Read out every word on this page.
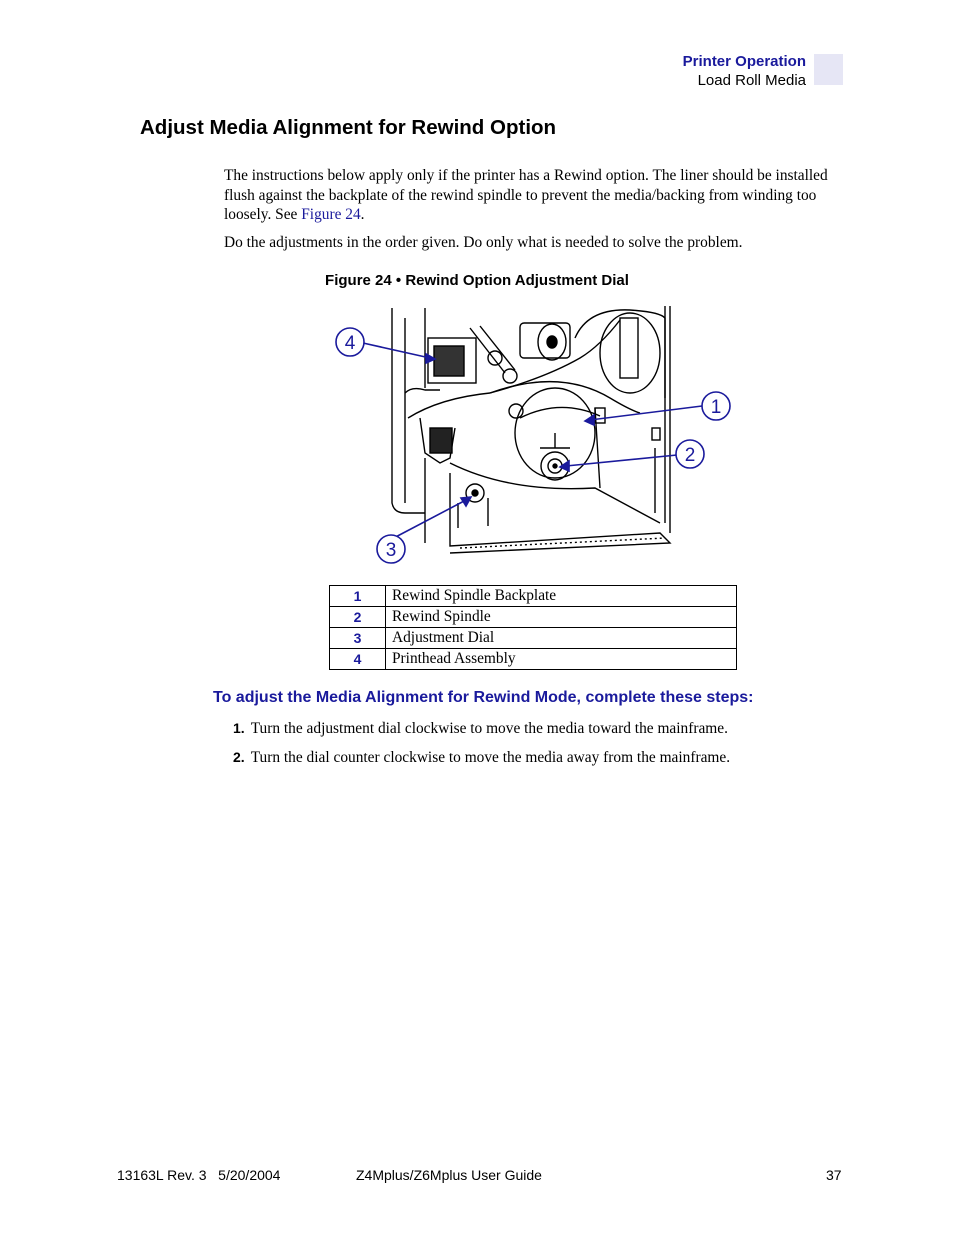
Printer Operation
Load Roll Media
Adjust Media Alignment for Rewind Option

The instructions below apply only if the printer has a Rewind option. The liner should be installed flush against the backplate of the rewind spindle to prevent the media/backing from winding too loosely. See Figure 24.

Do the adjustments in the order given. Do only what is needed to solve the problem.

Figure 24 • Rewind Option Adjustment Dial
4
1
2
3
1	Rewind Spindle Backplate
2	Rewind Spindle
3	Adjustment Dial
4	Printhead Assembly
To adjust the Media Alignment for Rewind Mode, complete these steps:
1. Turn the adjustment dial clockwise to move the media toward the mainframe.
2. Turn the dial counter clockwise to move the media away from the mainframe.
13163L Rev. 3   5/20/2004	Z4Mplus/Z6Mplus User Guide	37
